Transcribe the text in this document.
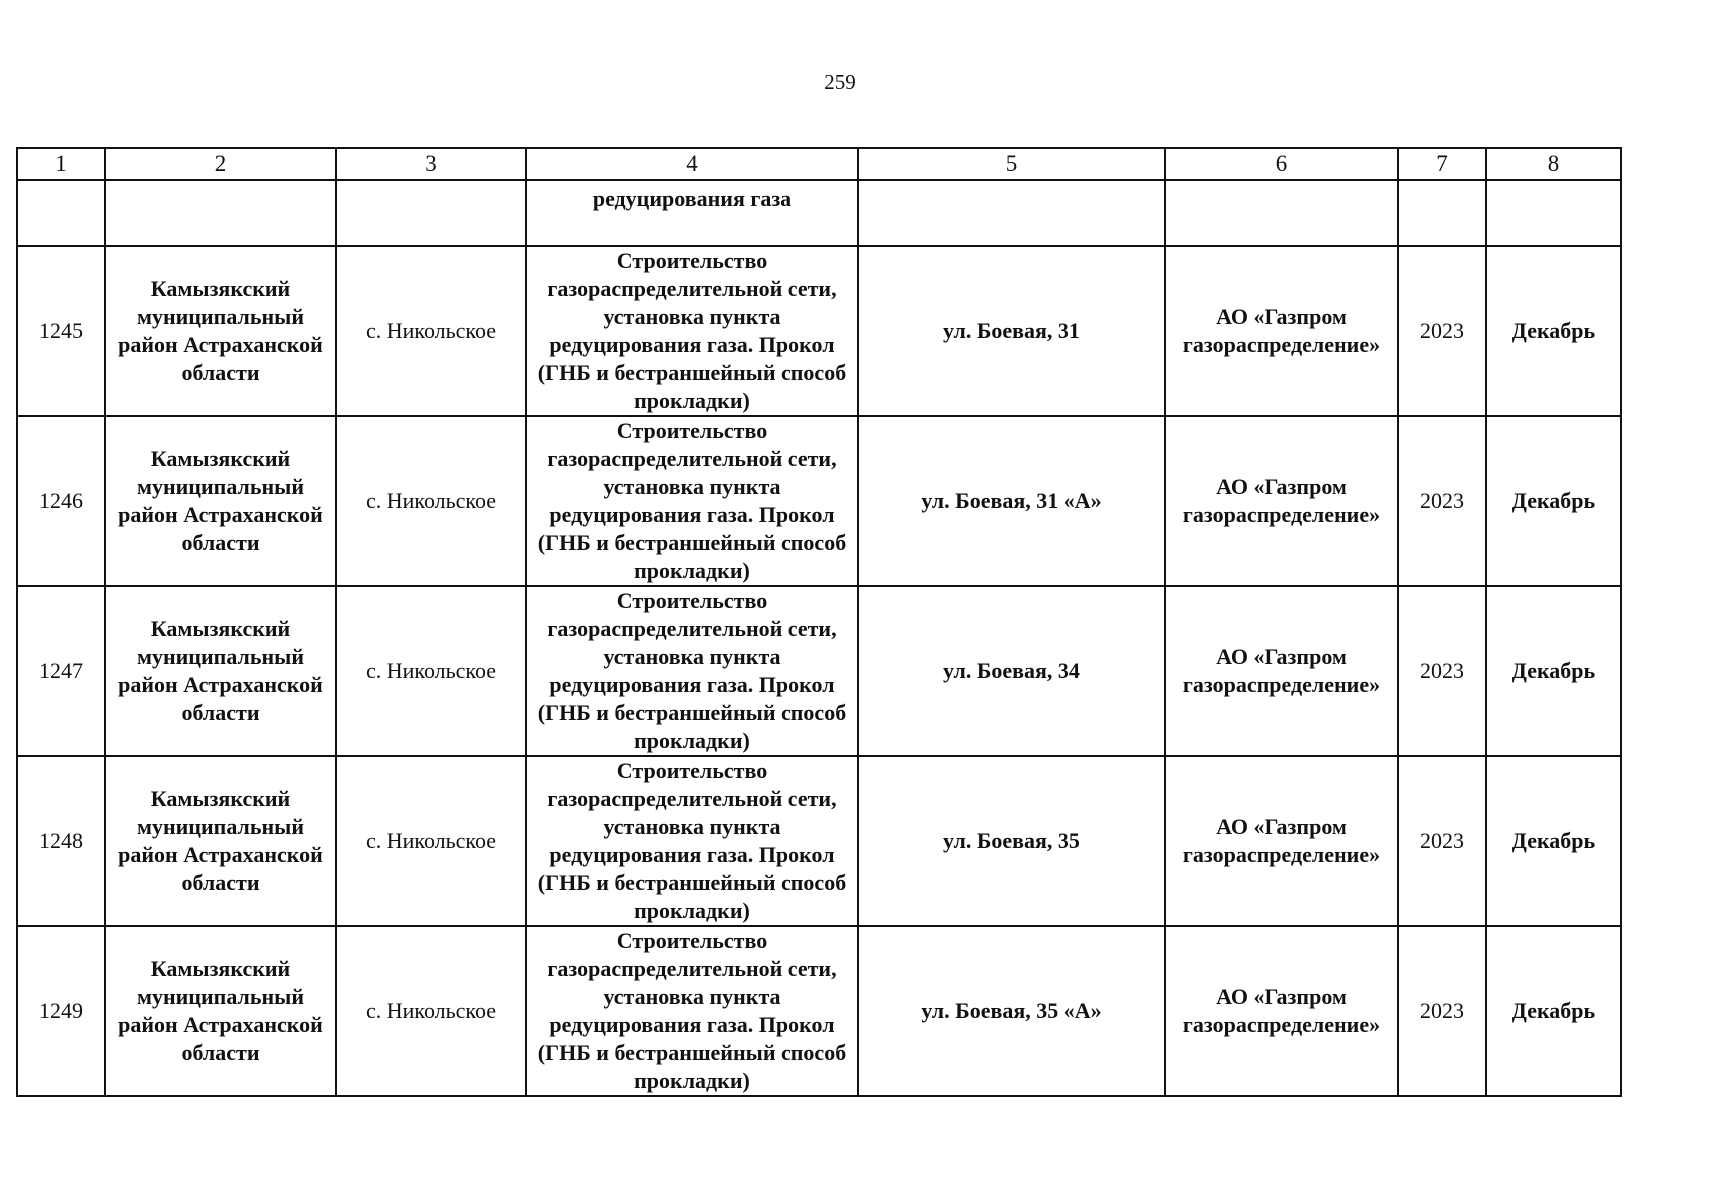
259
1	2	3	4	5	6	7	8
			редуцирования газа				
1245	Камызякский муниципальный район Астраханской области	с. Никольское	Строительство газораспределительной сети, установка пункта редуцирования газа. Прокол (ГНБ и бестраншейный способ прокладки)	ул. Боевая, 31	АО «Газпром газораспределение»	2023	Декабрь
1246	Камызякский муниципальный район Астраханской области	с. Никольское	Строительство газораспределительной сети, установка пункта редуцирования газа. Прокол (ГНБ и бестраншейный способ прокладки)	ул. Боевая, 31 «А»	АО «Газпром газораспределение»	2023	Декабрь
1247	Камызякский муниципальный район Астраханской области	с. Никольское	Строительство газораспределительной сети, установка пункта редуцирования газа. Прокол (ГНБ и бестраншейный способ прокладки)	ул. Боевая, 34	АО «Газпром газораспределение»	2023	Декабрь
1248	Камызякский муниципальный район Астраханской области	с. Никольское	Строительство газораспределительной сети, установка пункта редуцирования газа. Прокол (ГНБ и бестраншейный способ прокладки)	ул. Боевая, 35	АО «Газпром газораспределение»	2023	Декабрь
1249	Камызякский муниципальный район Астраханской области	с. Никольское	Строительство газораспределительной сети, установка пункта редуцирования газа. Прокол (ГНБ и бестраншейный способ прокладки)	ул. Боевая, 35 «А»	АО «Газпром газораспределение»	2023	Декабрь
